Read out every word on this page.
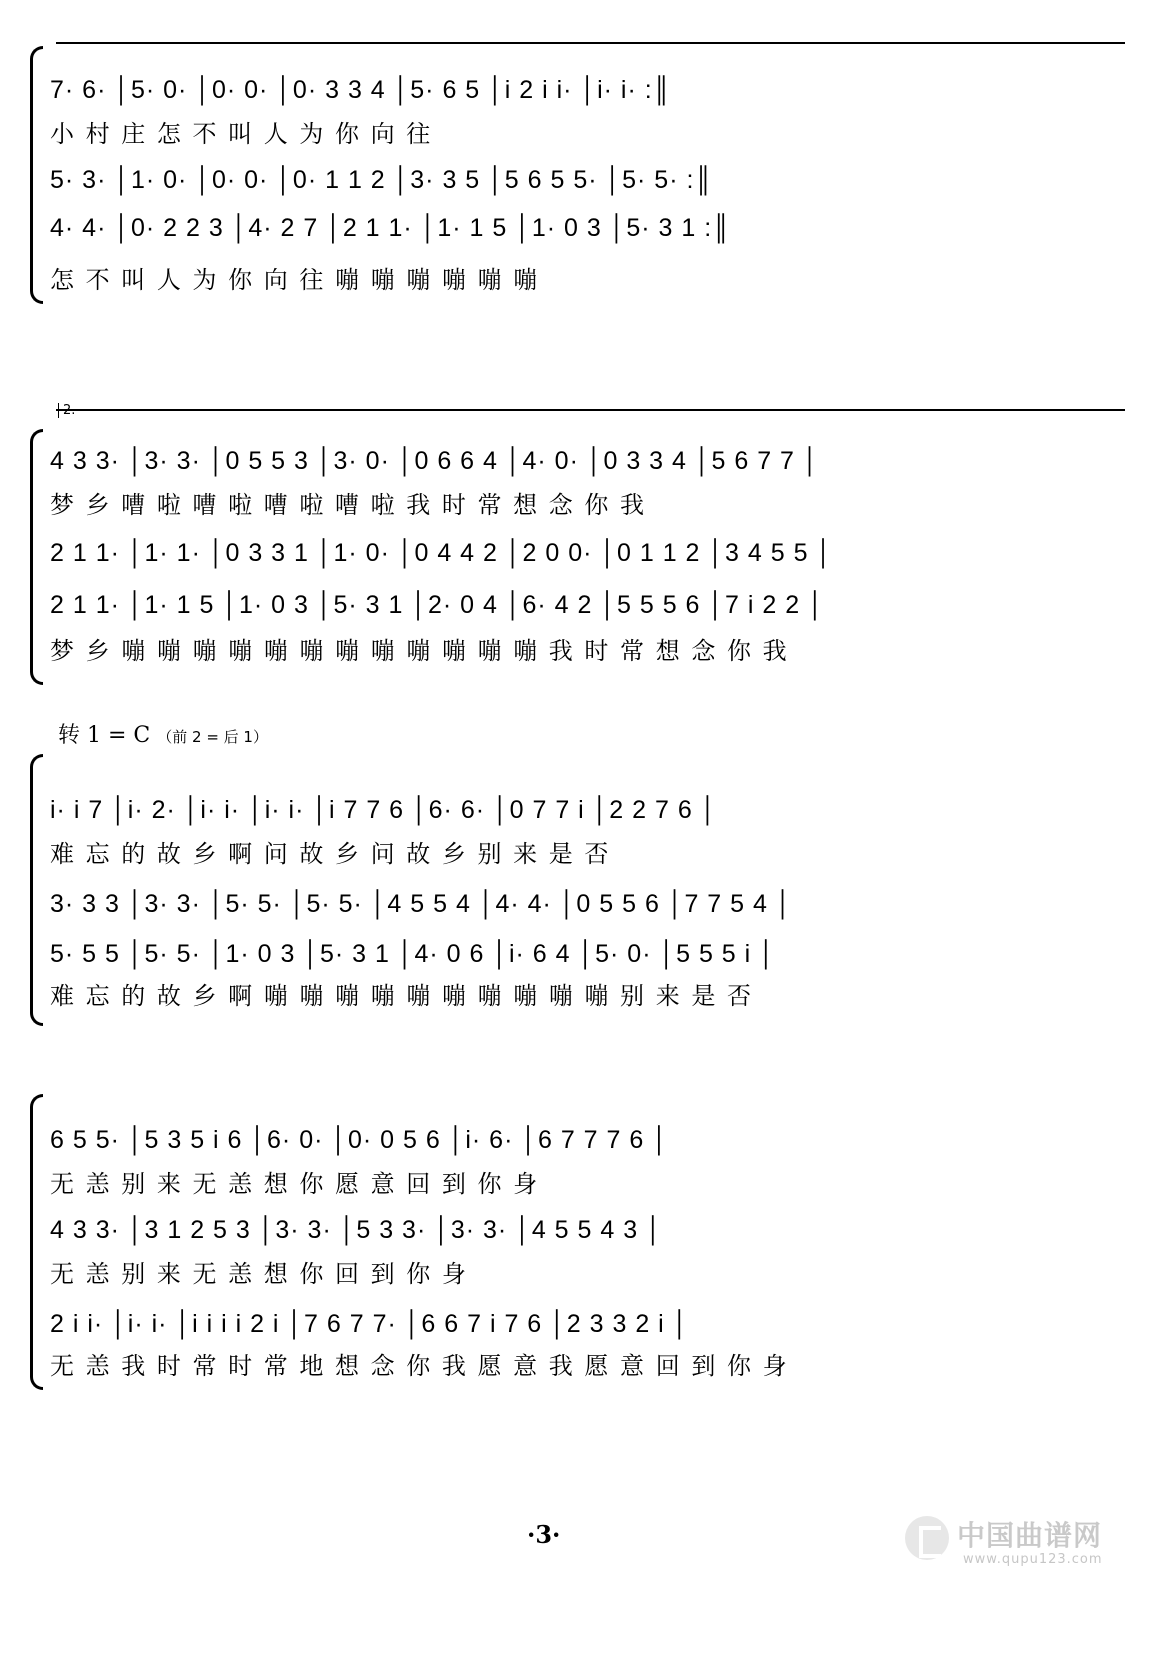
7· 6· │5· 0· │0· 0· │0· 3 3 4 │5· 6 5 │i 2 i i· │i· i· :║
小 村 庄 怎 不 叫 人 为 你 向 往
5· 3· │1· 0· │0· 0· │0· 1 1 2 │3· 3 5 │5 6 5 5· │5· 5· :║
4· 4· │0· 2 2 3 │4· 2 7 │2 1 1· │1· 1 5 │1· 0 3 │5· 3 1 :║
怎 不 叫 人 为 你 向 往 嘣 嘣 嘣 嘣 嘣 嘣
2.
4 3 3· │3· 3· │0 5 5 3 │3· 0· │0 6 6 4 │4· 0· │0 3 3 4 │5 6 7 7 │
梦 乡 嘈 啦 嘈 啦 嘈 啦 嘈 啦 我 时 常 想 念 你 我
2 1 1· │1· 1· │0 3 3 1 │1· 0· │0 4 4 2 │2 0 0· │0 1 1 2 │3 4 5 5 │
2 1 1· │1· 1 5 │1· 0 3 │5· 3 1 │2· 0 4 │6· 4 2 │5 5 5 6 │7 i 2 2 │
梦 乡 嘣 嘣 嘣 嘣 嘣 嘣 嘣 嘣 嘣 嘣 嘣 嘣 我 时 常 想 念 你 我
转 1 = C （前 2 = 后 1）
i· i 7 │i· 2· │i· i· │i· i· │i 7 7 6 │6· 6· │0 7 7 i │2 2 7 6 │
难 忘 的 故 乡 啊 问 故 乡 问 故 乡 别 来 是 否
3· 3 3 │3· 3· │5· 5· │5· 5· │4 5 5 4 │4· 4· │0 5 5 6 │7 7 5 4 │
5· 5 5 │5· 5· │1· 0 3 │5· 3 1 │4· 0 6 │i· 6 4 │5· 0· │5 5 5 i │
难 忘 的 故 乡 啊 嘣 嘣 嘣 嘣 嘣 嘣 嘣 嘣 嘣 嘣 别 来 是 否
6 5 5· │5 3 5 i 6 │6· 0· │0· 0 5 6 │i· 6· │6 7 7 7 6 │
无 恙 别 来 无 恙 想 你 愿 意 回 到 你 身
4 3 3· │3 1 2 5 3 │3· 3· │5 3 3· │3· 3· │4 5 5 4 3 │
无 恙 别 来 无 恙 想 你 回 到 你 身
2 i i· │i· i· │i i i i 2 i │7 6 7 7· │6 6 7 i 7 6 │2 3 3 2 i │
无 恙 我 时 常 时 常 地 想 念 你 我 愿 意 我 愿 意 回 到 你 身
·3·	中国曲谱网
www.qupu123.com
